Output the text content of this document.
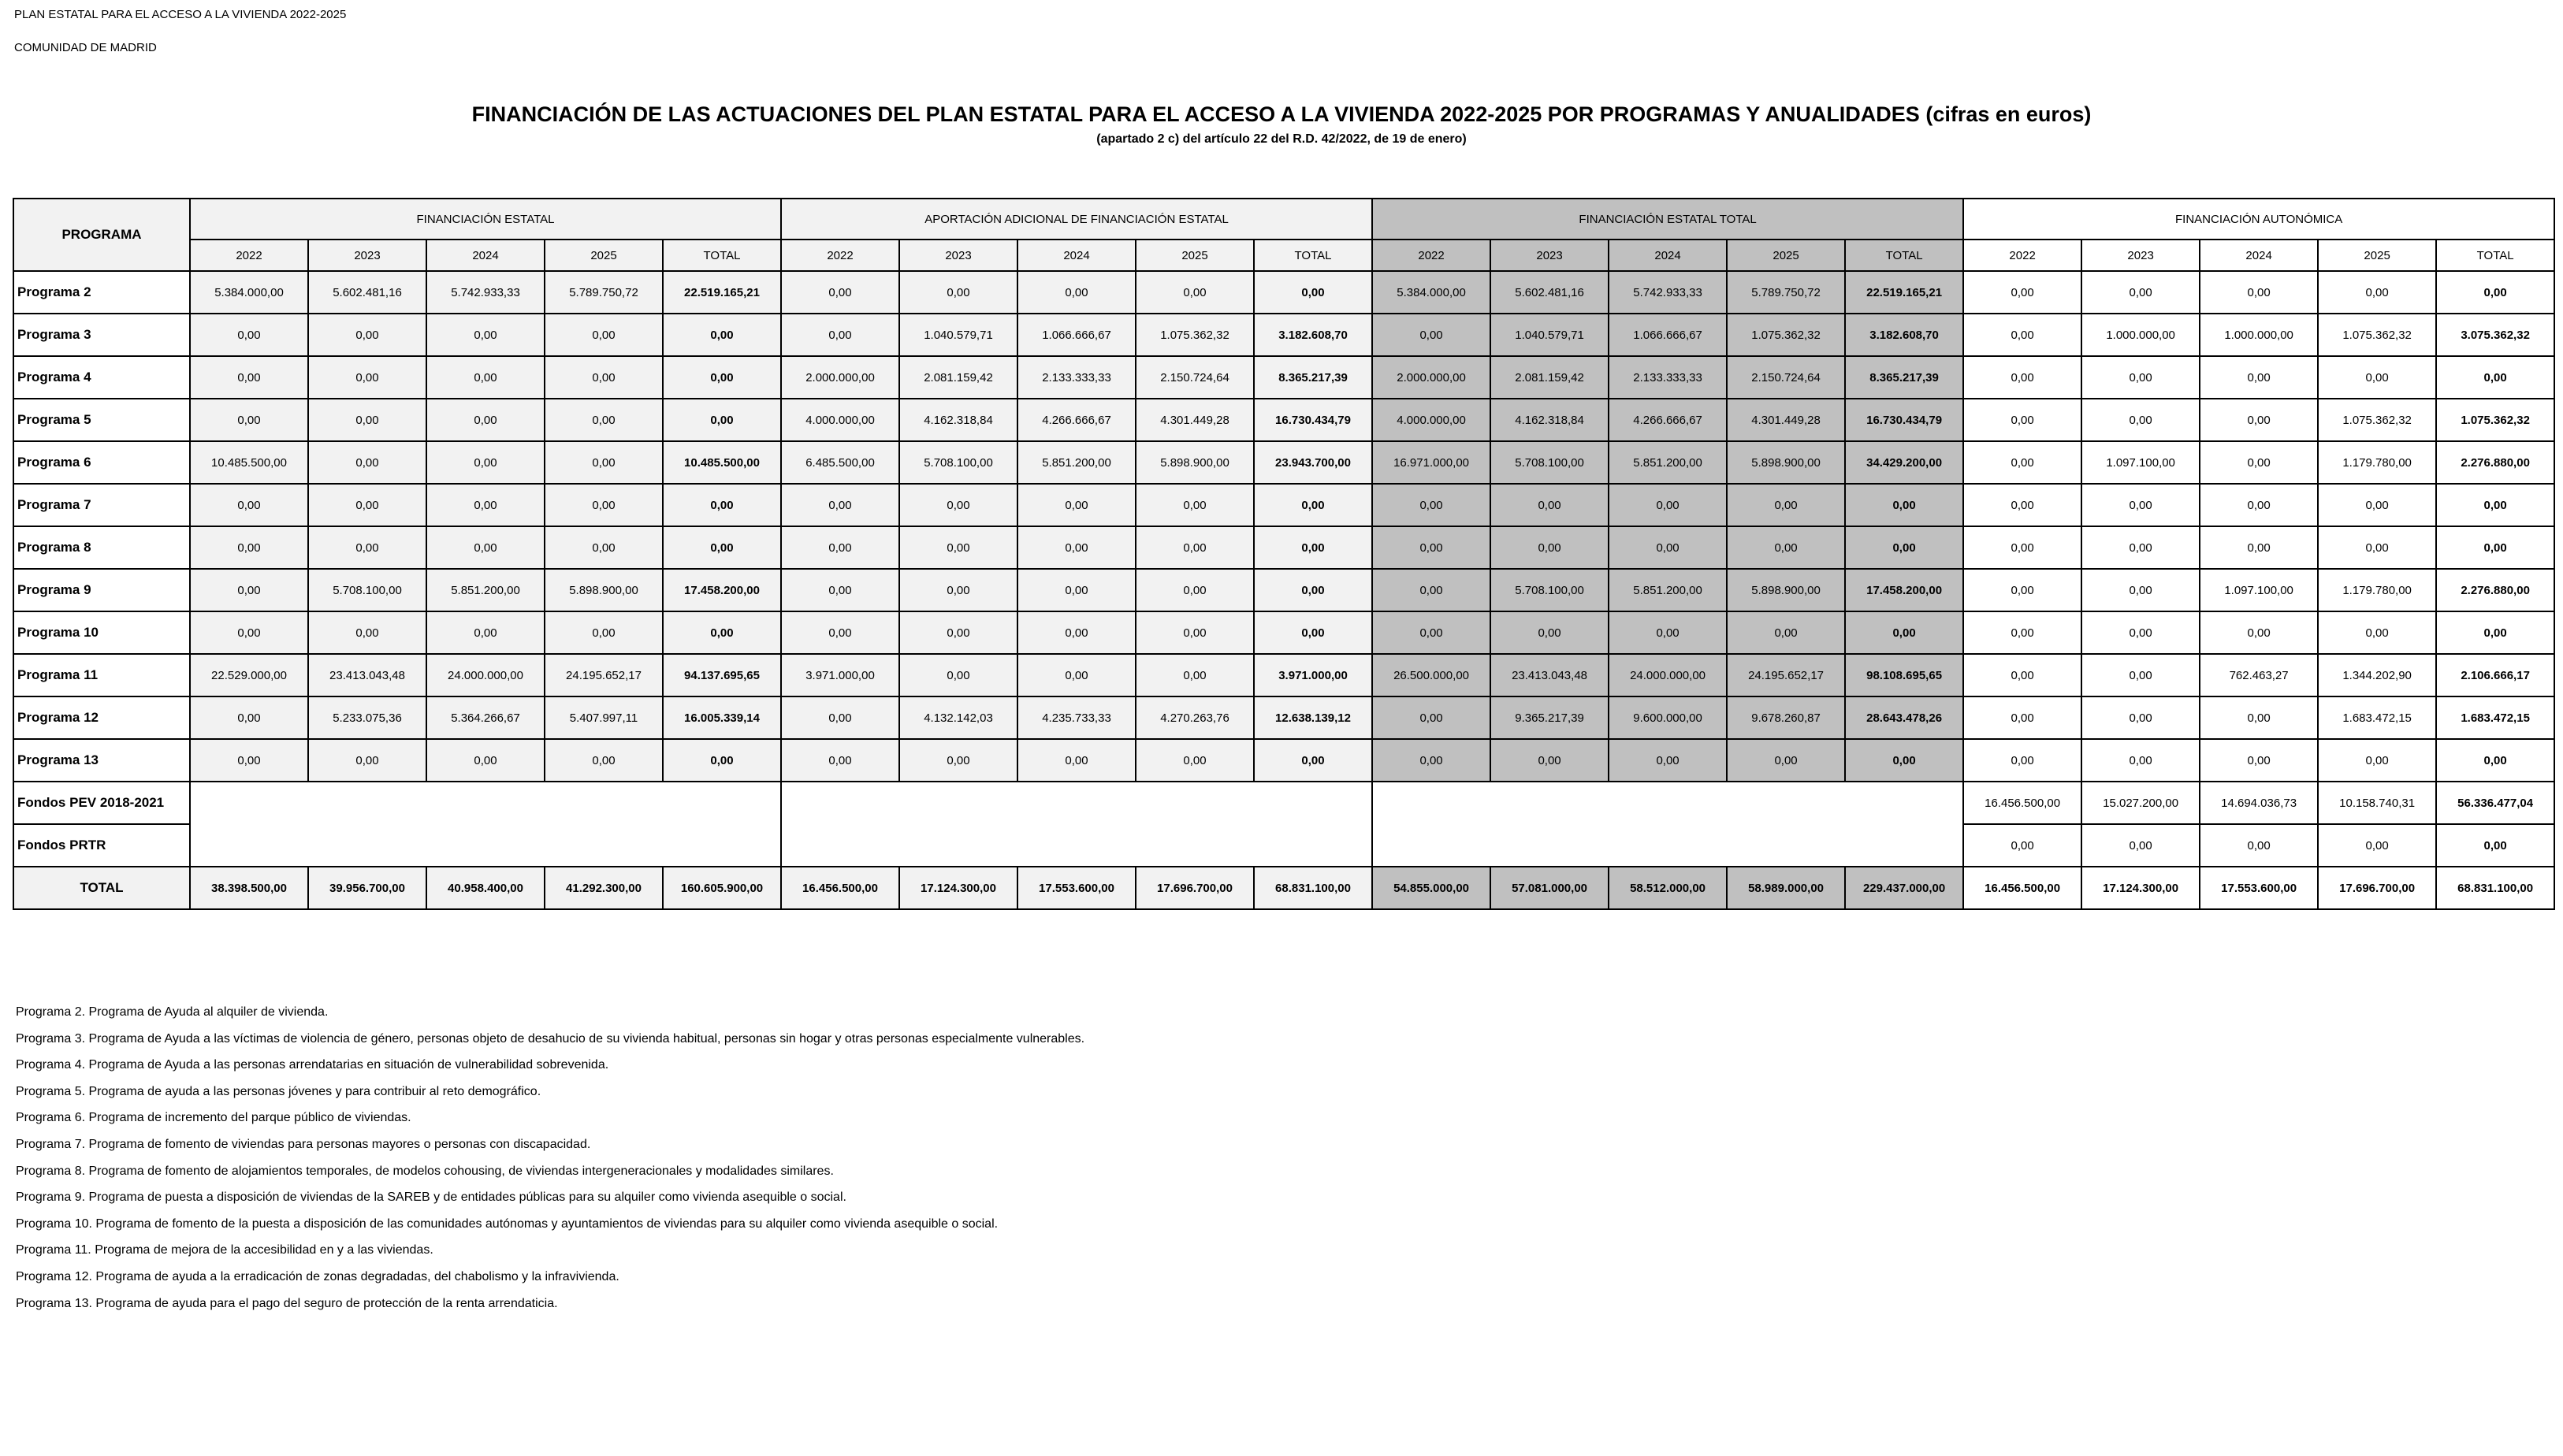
PLAN ESTATAL PARA EL ACCESO A LA VIVIENDA 2022-2025
COMUNIDAD DE MADRID
FINANCIACIÓN DE LAS ACTUACIONES DEL PLAN ESTATAL PARA EL ACCESO A LA VIVIENDA 2022-2025 POR PROGRAMAS Y ANUALIDADES (cifras en euros)
(apartado 2 c) del artículo 22 del R.D. 42/2022, de 19 de enero)
PROGRAMA	FINANCIACIÓN ESTATAL					APORTACIÓN ADICIONAL DE FINANCIACIÓN ESTATAL					FINANCIACIÓN ESTATAL TOTAL					FINANCIACIÓN AUTONÓMICA				
	2022	2023	2024	2025	TOTAL	2022	2023	2024	2025	TOTAL	2022	2023	2024	2025	TOTAL	2022	2023	2024	2025	TOTAL
Programa 2	5.384.000,00	5.602.481,16	5.742.933,33	5.789.750,72	22.519.165,21	0,00	0,00	0,00	0,00	0,00	5.384.000,00	5.602.481,16	5.742.933,33	5.789.750,72	22.519.165,21	0,00	0,00	0,00	0,00	0,00
Programa 3	0,00	0,00	0,00	0,00	0,00	0,00	1.040.579,71	1.066.666,67	1.075.362,32	3.182.608,70	0,00	1.040.579,71	1.066.666,67	1.075.362,32	3.182.608,70	0,00	1.000.000,00	1.000.000,00	1.075.362,32	3.075.362,32
Programa 4	0,00	0,00	0,00	0,00	0,00	2.000.000,00	2.081.159,42	2.133.333,33	2.150.724,64	8.365.217,39	2.000.000,00	2.081.159,42	2.133.333,33	2.150.724,64	8.365.217,39	0,00	0,00	0,00	0,00	0,00
Programa 5	0,00	0,00	0,00	0,00	0,00	4.000.000,00	4.162.318,84	4.266.666,67	4.301.449,28	16.730.434,79	4.000.000,00	4.162.318,84	4.266.666,67	4.301.449,28	16.730.434,79	0,00	0,00	0,00	1.075.362,32	1.075.362,32
Programa 6	10.485.500,00	0,00	0,00	0,00	10.485.500,00	6.485.500,00	5.708.100,00	5.851.200,00	5.898.900,00	23.943.700,00	16.971.000,00	5.708.100,00	5.851.200,00	5.898.900,00	34.429.200,00	0,00	1.097.100,00	0,00	1.179.780,00	2.276.880,00
Programa 7	0,00	0,00	0,00	0,00	0,00	0,00	0,00	0,00	0,00	0,00	0,00	0,00	0,00	0,00	0,00	0,00	0,00	0,00	0,00	0,00
Programa 8	0,00	0,00	0,00	0,00	0,00	0,00	0,00	0,00	0,00	0,00	0,00	0,00	0,00	0,00	0,00	0,00	0,00	0,00	0,00	0,00
Programa 9	0,00	5.708.100,00	5.851.200,00	5.898.900,00	17.458.200,00	0,00	0,00	0,00	0,00	0,00	0,00	5.708.100,00	5.851.200,00	5.898.900,00	17.458.200,00	0,00	0,00	1.097.100,00	1.179.780,00	2.276.880,00
Programa 10	0,00	0,00	0,00	0,00	0,00	0,00	0,00	0,00	0,00	0,00	0,00	0,00	0,00	0,00	0,00	0,00	0,00	0,00	0,00	0,00
Programa 11	22.529.000,00	23.413.043,48	24.000.000,00	24.195.652,17	94.137.695,65	3.971.000,00	0,00	0,00	0,00	3.971.000,00	26.500.000,00	23.413.043,48	24.000.000,00	24.195.652,17	98.108.695,65	0,00	0,00	762.463,27	1.344.202,90	2.106.666,17
Programa 12	0,00	5.233.075,36	5.364.266,67	5.407.997,11	16.005.339,14	0,00	4.132.142,03	4.235.733,33	4.270.263,76	12.638.139,12	0,00	9.365.217,39	9.600.000,00	9.678.260,87	28.643.478,26	0,00	0,00	0,00	1.683.472,15	1.683.472,15
Programa 13	0,00	0,00	0,00	0,00	0,00	0,00	0,00	0,00	0,00	0,00	0,00	0,00	0,00	0,00	0,00	0,00	0,00	0,00	0,00	0,00
Fondos PEV 2018-2021																16.456.500,00	15.027.200,00	14.694.036,73	10.158.740,31	56.336.477,04
Fondos PRTR																0,00	0,00	0,00	0,00	0,00
TOTAL	38.398.500,00	39.956.700,00	40.958.400,00	41.292.300,00	160.605.900,00	16.456.500,00	17.124.300,00	17.553.600,00	17.696.700,00	68.831.100,00	54.855.000,00	57.081.000,00	58.512.000,00	58.989.000,00	229.437.000,00	16.456.500,00	17.124.300,00	17.553.600,00	17.696.700,00	68.831.100,00
Programa 2. Programa de Ayuda al alquiler de vivienda.
Programa 3. Programa de Ayuda a las víctimas de violencia de género, personas objeto de desahucio de su vivienda habitual, personas sin hogar y otras personas especialmente vulnerables.
Programa 4. Programa de Ayuda a las personas arrendatarias en situación de vulnerabilidad sobrevenida.
Programa 5. Programa de ayuda a las personas jóvenes y para contribuir al reto demográfico.
Programa 6. Programa de incremento del parque público de viviendas.
Programa 7. Programa de fomento de viviendas para personas mayores o personas con discapacidad.
Programa 8. Programa de fomento de alojamientos temporales, de modelos cohousing, de viviendas intergeneracionales y modalidades similares.
Programa 9. Programa de puesta a disposición de viviendas de la SAREB y de entidades públicas para su alquiler como vivienda asequible o social.
Programa 10. Programa de fomento de la puesta a disposición de las comunidades autónomas y ayuntamientos de viviendas para su alquiler como vivienda asequible o social.
Programa 11. Programa de mejora de la accesibilidad en y a las viviendas.
Programa 12. Programa de ayuda a la erradicación de zonas degradadas, del chabolismo y la infravivienda.
Programa 13. Programa de ayuda para el pago del seguro de protección de la renta arrendaticia.
